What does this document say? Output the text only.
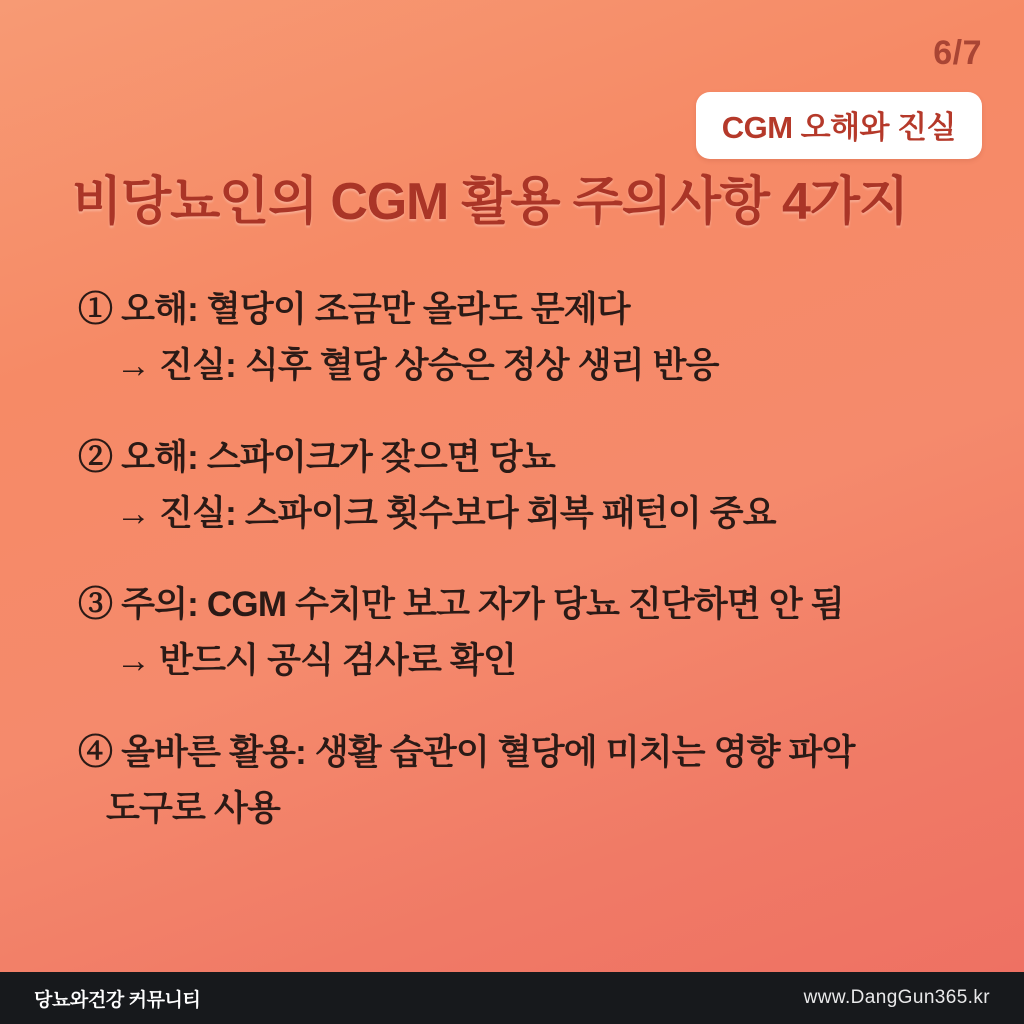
6/7
CGM 오해와 진실
비당뇨인의 CGM 활용 주의사항 4가지
① 오해: 혈당이 조금만 올라도 문제다
→ 진실: 식후 혈당 상승은 정상 생리 반응
② 오해: 스파이크가 잦으면 당뇨
→ 진실: 스파이크 횟수보다 회복 패턴이 중요
③ 주의: CGM 수치만 보고 자가 당뇨 진단하면 안 됨
→ 반드시 공식 검사로 확인
④ 올바른 활용: 생활 습관이 혈당에 미치는 영향 파악
도구로 사용
당뇨와건강 커뮤니티	www.DangGun365.kr
